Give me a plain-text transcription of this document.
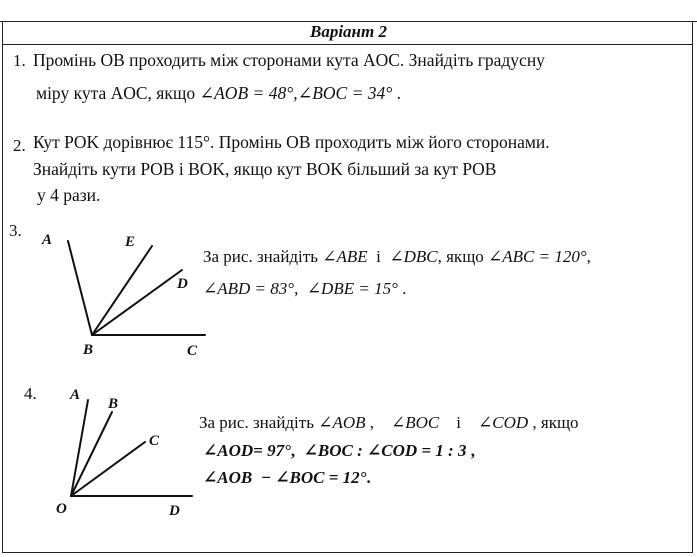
Варіант 2
1. Промінь OB проходить між сторонами кута AOC. Знайдіть градусну
міру кута AOC, якщо ∠AOB = 48°,∠BOC = 34° .
2. Кут POK дорівнює 115°. Промінь OB проходить між його сторонами.
Знайдіть кути POB і BOK, якщо кут BOK більший за кут POB
у 4 рази.
3. A	E
D
B	C
За рис. знайдіть ∠ABE  і  ∠DBC, якщо ∠ABC = 120°,
∠ABD = 83°,  ∠DBE = 15° .
4. A
B
C
O	D
За рис. знайдіть ∠AOB ,    ∠BOC    і    ∠COD , якщо
∠AOD= 97°,  ∠BOC : ∠COD = 1 : 3 ,
∠AOB  − ∠BOC = 12°.
